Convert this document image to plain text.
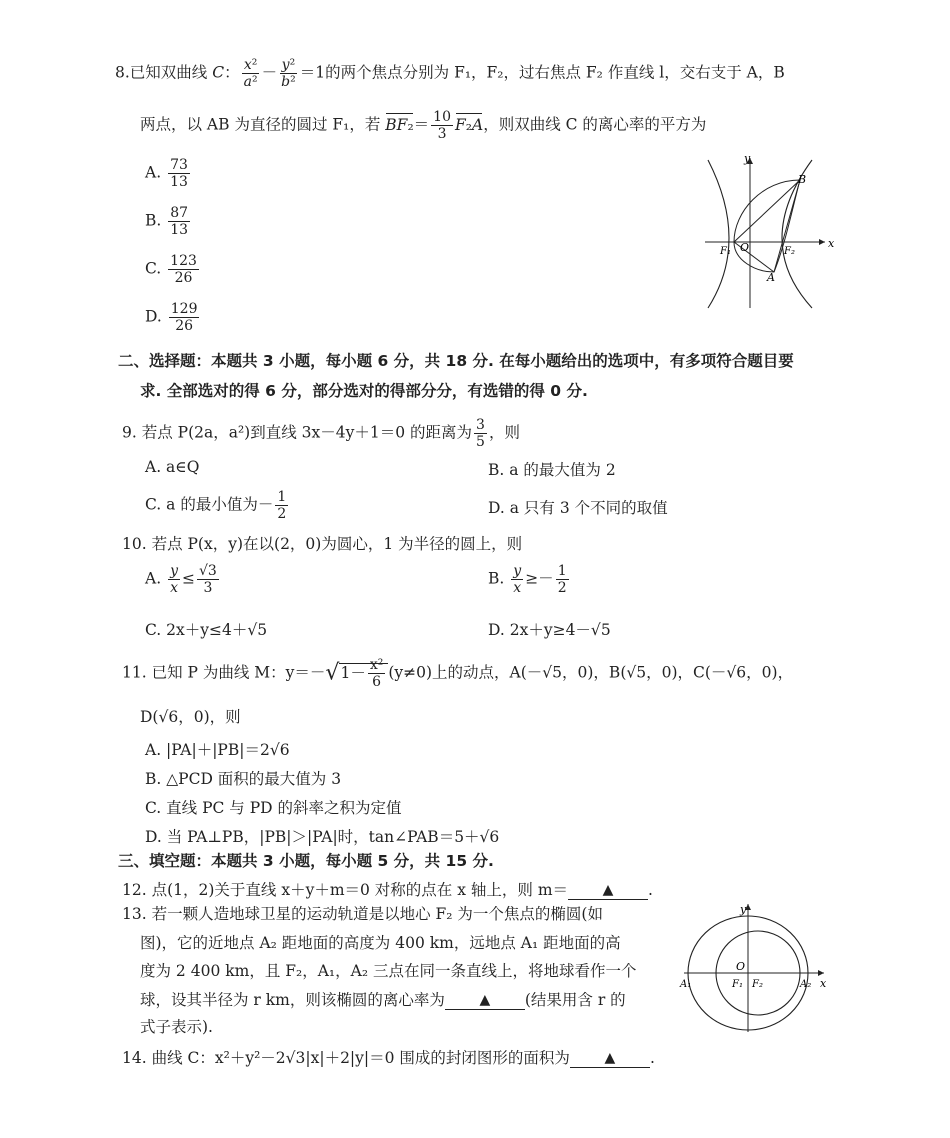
8.已知双曲线 C： $\frac{\text{x²}}{\text{a²}} - \frac{\text{y²}}{\text{b²}} =1$的两个焦点分别为 F₁，F₂，过右焦点 F₂ 作直线 l，交右支于 A，B
两点，以 AB 为直径的圆过 F₁，若 $BF_2= \frac{10}{3} F_2A$，则双曲线 C 的离心率的平方为
A. $\frac{73}{13}$
B. $\frac{87}{13}$
C. $\frac{123}{26}$
D. $\frac{129}{26}$
y
x
B
A
O
F₁	F₂
二、选择题：本题共 3 小题，每小题 6 分，共 18 分. 在每小题给出的选项中，有多项符合题目要
求. 全部选对的得 6 分，部分选对的得部分分，有选错的得 0 分.
9. 若点 P(2a，a²)到直线 3x－4y＋1＝0 的距离为 $\frac{3}{5}$ ，则
A. a∈Q	B. a 的最大值为 2
C. a 的最小值为－ $\frac{1}{2}$	D. a 只有 3 个不同的取值
10. 若点 P(x，y)在以(2，0)为圆心，1 为半径的圆上，则
A. $\frac{y}{x} \le \frac{√3}{3}$	B. $\frac{y}{x} \ge- \frac{1}{2}$
C. 2x＋y≤4＋√5	D. 2x＋y≥4－√5
11. 已知 P 为曲线 M：$y=-√1- \frac{\text{x²}}{6} (y\ne 0)$上的动点，A(－√5，0)，B(√5，0)，C(－√6，0)，
D(√6，0)，则
A. |PA|＋|PB|＝2√6
B. △PCD 面积的最大值为 3
C. 直线 PC 与 PD 的斜率之积为定值
D. 当 PA⊥PB，|PB|＞|PA|时，tan∠PAB＝5＋√6
三、填空题：本题共 3 小题，每小题 5 分，共 15 分.
12. 点(1，2)关于直线 x＋y＋m＝0 对称的点在 x 轴上，则 m＝ ▲ .
13. 若一颗人造地球卫星的运动轨道是以地心 F₂ 为一个焦点的椭圆(如
图)，它的近地点 A₂ 距地面的高度为 400 km，远地点 A₁ 距地面的高
度为 2 400 km，且 F₂，A₁，A₂ 三点在同一条直线上，将地球看作一个
球，设其半径为 r km，则该椭圆的离心率为 ▲ (结果用含 r 的
式子表示).
y
x
O
A₁	A₂
F₁ F₂
14. 曲线 C：x²＋y²－2√3|x|＋2|y|＝0 围成的封闭图形的面积为 ▲ .
